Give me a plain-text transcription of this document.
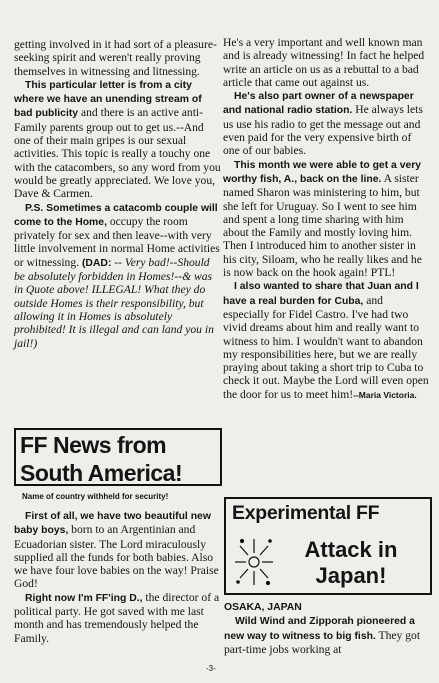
getting involved in it had sort of a pleasure-seeking spirit and weren't really proving themselves in witnessing and litnessing.

This particular letter is from a city where we have an unending stream of bad publicity and there is an active anti-Family parents group out to get us.--And one of their main gripes is our sexual activities. This topic is really a touchy one with the catacombers, so any word from you would be greatly appreciated. We love you, Dave & Carmen.

P.S. Sometimes a catacomb couple will come to the Home, occupy the room privately for sex and then leave--with very little involvement in normal Home activities or witnessing. (DAD: -- Very bad!--Should be absolutely forbidden in Homes!--& was in Quote above! ILLEGAL! What they do outside Homes is their responsibility, but allowing it in Homes is absolutely prohibited! It is illegal and can land you in jail!)

FF News from
South America!
Name of country withheld for security!

First of all, we have two beautiful new baby boys, born to an Argentinian and Ecuadorian sister. The Lord miraculously supplied all the funds for both babies. Also we have four love babies on the way! Praise God!

Right now I'm FF'ing D., the director of a political party. He got saved with me last month and has tremendously helped the Family.

He's a very important and well known man and is already witnessing! In fact he helped write an article on us as a rebuttal to a bad article that came out against us.

He's also part owner of a newspaper and national radio station. He always lets us use his radio to get the message out and even paid for the very expensive birth of one of our babies.

This month we were able to get a very worthy fish, A., back on the line. A sister named Sharon was ministering to him, but she left for Uruguay. So I went to see him and spent a long time sharing with him about the Family and mostly loving him. Then I introduced him to another sister in his city, Siloam, who he really likes and he is now back on the hook again! PTL!

I also wanted to share that Juan and I have a real burden for Cuba, and especially for Fidel Castro. I've had two vivid dreams about him and really want to witness to him. I wouldn't want to abandon my responsibilities here, but we are really praying about taking a short trip to Cuba to check it out. Maybe the Lord will even open the door for us to meet him!--Maria Victoria.

Experimental FF
Attack in
Japan!

OSAKA, JAPAN

Wild Wind and Zipporah pioneered a new way to witness to big fish. They got part-time jobs working at

-3-
